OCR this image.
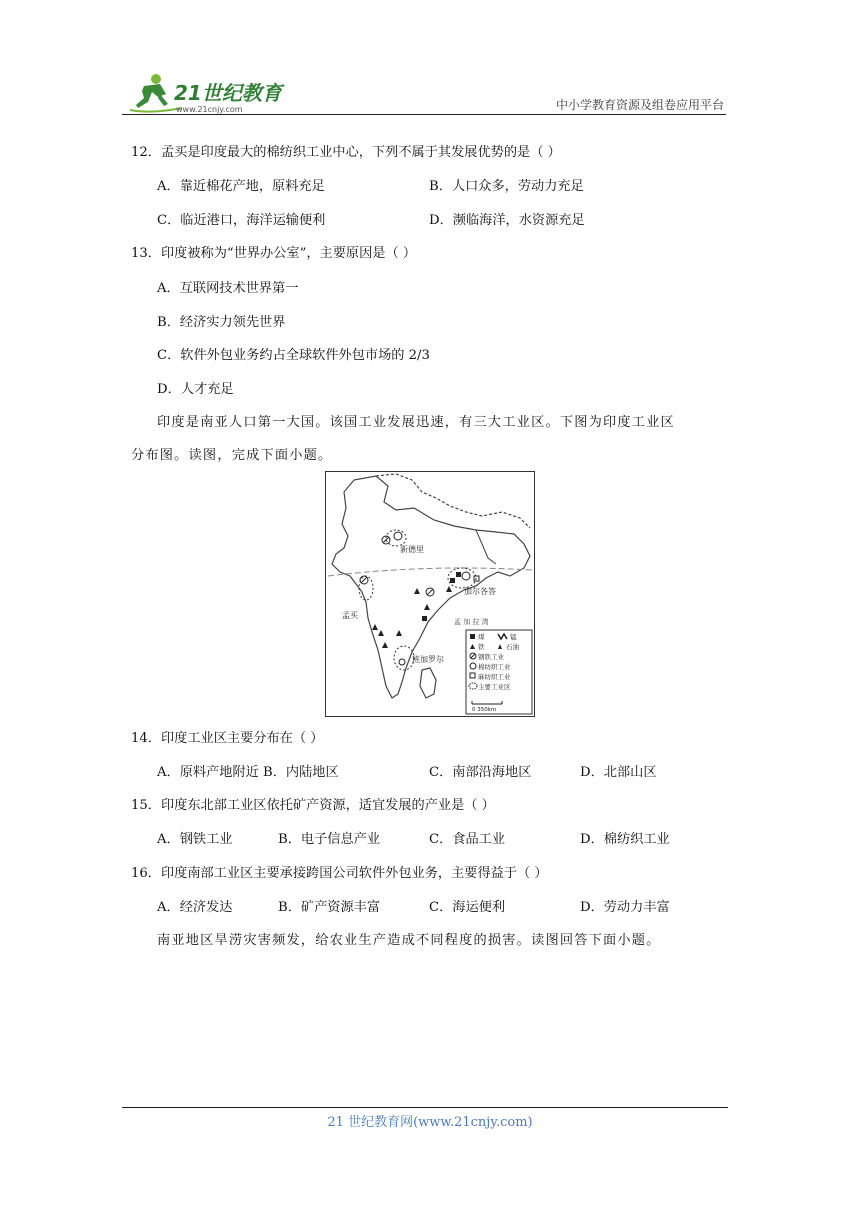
21世纪教育
www.21cnjy.com	中小学教育资源及组卷应用平台
12．孟买是印度最大的棉纺织工业中心，下列不属于其发展优势的是（ ）
A．靠近棉花产地，原料充足	B．人口众多，劳动力充足
C．临近港口，海洋运输便利	D．濒临海洋，水资源充足
13．印度被称为“世界办公室”，主要原因是（ ）
A．互联网技术世界第一
B．经济实力领先世界
C．软件外包业务约占全球软件外包市场的 2/3
D．人才充足
印度是南亚人口第一大国。该国工业发展迅速，有三大工业区。下图为印度工业区
分布图。读图，完成下面小题。
新德里
加尔各答
孟买
班加罗尔
孟 加 拉 湾
煤	锰
铁	石油
钢铁工业
棉纺织工业
麻纺织工业
主要工业区
0 350km
14．印度工业区主要分布在（ ）
A．原料产地附近 B．内陆地区	C．南部沿海地区	D．北部山区
15．印度东北部工业区依托矿产资源，适宜发展的产业是（ ）
A．钢铁工业	B．电子信息产业	C．食品工业	D．棉纺织工业
16．印度南部工业区主要承接跨国公司软件外包业务，主要得益于（ ）
A．经济发达	B．矿产资源丰富	C．海运便利	D．劳动力丰富
南亚地区旱涝灾害频发，给农业生产造成不同程度的损害。读图回答下面小题。
21 世纪教育网(www.21cnjy.com)
